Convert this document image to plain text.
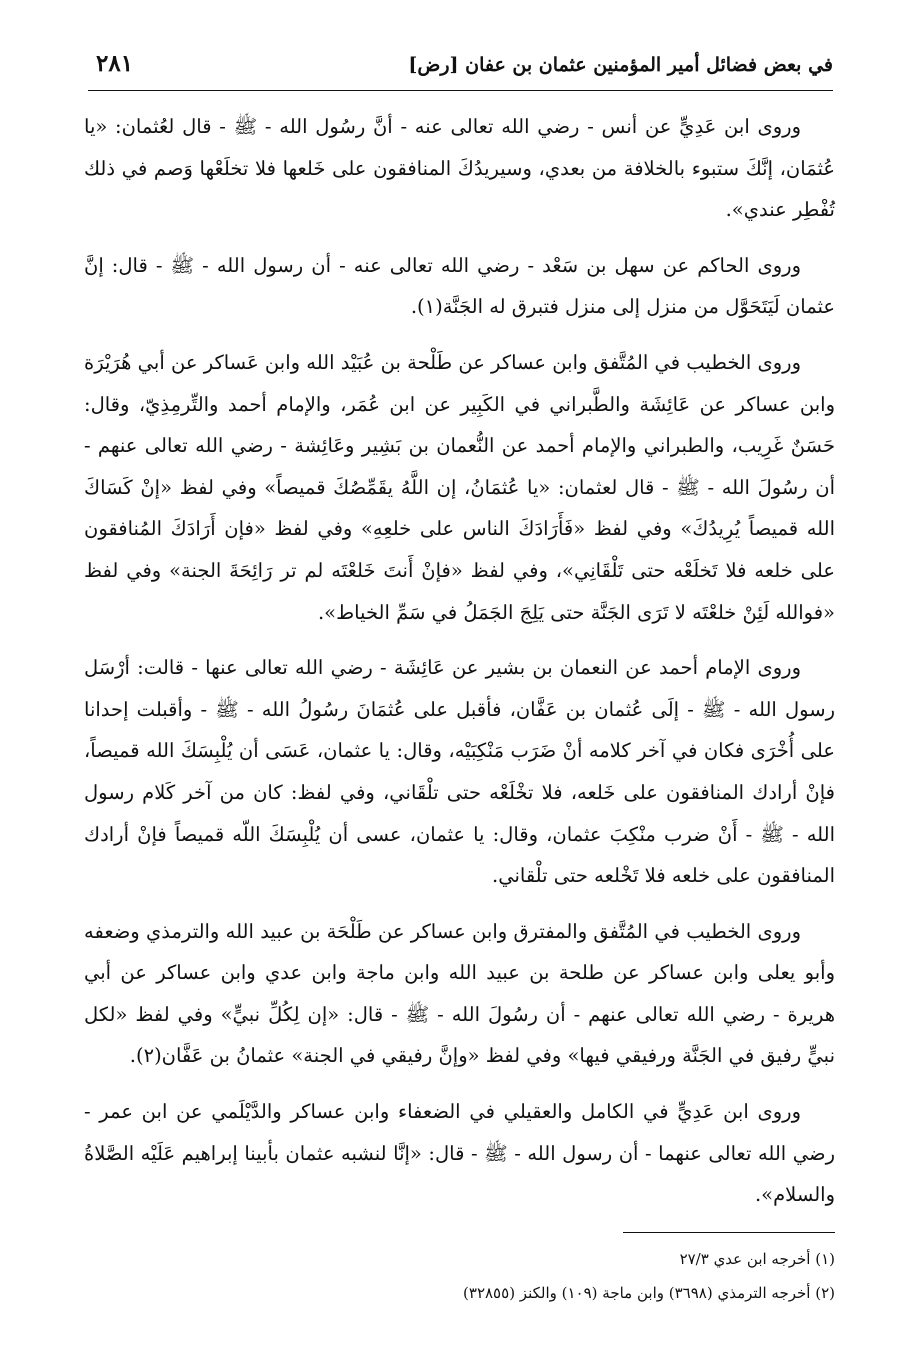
في بعض فضائل أمير المؤمنين عثمان بن عفان [رض]
٢٨١

وروى ابن عَدِيٍّ عن أنس - رضي الله تعالى عنه - أنَّ رسُول الله - ﷺ - قال لعُثمان: «يا عُثمَان، إنَّكَ ستبوء بالخلافة من بعدي، وسيريدُكَ المنافقون على خَلعها فلا تخلَعْها وَصم في ذلك تُفْطِر عندي».

وروى الحاكم عن سهل بن سَعْد - رضي الله تعالى عنه - أن رسول الله - ﷺ - قال: إنَّ عثمان لَيَتَحَوَّل من منزل إلى منزل فتبرق له الجَنَّة(١).

وروى الخطيب في المُتَّفق وابن عساكر عن طَلْحة بن عُبَيْد الله وابن عَساكر عن أبي هُرَيْرَة وابن عساكر عن عَائِشَة والطَّبراني في الكَبِير عن ابن عُمَر، والإمام أحمد والتِّرمِذِيّ، وقال: حَسَنٌ غَرِيب، والطبراني والإمام أحمد عن النُّعمان بن بَشِير وعَائِشة - رضي الله تعالى عنهم - أن رسُولَ الله - ﷺ - قال لعثمان: «يا عُثمَانُ، إن اللَّهُ يقَمِّصُكَ قميصاً» وفي لفظ «إنْ كَسَاكَ الله قميصاً يُرِيدُكَ» وفي لفظ «فَأَرَادَكَ الناس على خلعِهِ» وفي لفظ «فإن أَرَادَكَ المُنافقون على خلعه فلا تَخلَعْه حتى تَلْقَانِي»، وفي لفظ «فإنْ أَنتَ خَلعْتَه لم تر رَائِحَةَ الجنة» وفي لفظ «فوالله لَئِنْ خلعْتَه لا تَرَى الجَنَّة حتى يَلِجَ الجَمَلُ في سَمِّ الخياط».

وروى الإمام أحمد عن النعمان بن بشير عن عَائِشَة - رضي الله تعالى عنها - قالت: أرْسَل رسول الله - ﷺ - إلَى عُثمان بن عَفَّان، فأقبل على عُثمَانَ رسُولُ الله - ﷺ - وأقبلت إحدانا على أُخْرَى فكان في آخر كلامه أنْ ضَرَب مَنْكِبَيْه، وقال: يا عثمان، عَسَى أن يُلْبِسَكَ الله قميصاً، فإنْ أرادك المنافقون على خَلعه، فلا تخْلَعْه حتى تلْقَاني، وفي لفظ: كان من آخر كَلام رسول الله - ﷺ - أَنْ ضرب منْكِبَ عثمان، وقال: يا عثمان، عسى أن يُلْبِسَكَ اللّه قميصاً فإنْ أرادك المنافقون على خلعه فلا تَخْلعه حتى تلْقاني.

وروى الخطيب في المُتَّفق والمفترق وابن عساكر عن طَلْحَة بن عبيد الله والترمذي وضعفه وأبو يعلى وابن عساكر عن طلحة بن عبيد الله وابن ماجة وابن عدي وابن عساكر عن أبي هريرة - رضي الله تعالى عنهم - أن رسُولَ الله - ﷺ - قال: «إن لِكُلِّ نبيٍّ» وفي لفظ «لكل نبيٍّ رفيق في الجَنَّة ورفيقي فيها» وفي لفظ «وإنَّ رفيقي في الجنة» عثمانُ بن عَفَّان(٢).

وروى ابن عَدِيٍّ في الكامل والعقيلي في الضعفاء وابن عساكر والدَّيْلَمي عن ابن عمر - رضي الله تعالى عنهما - أن رسول الله - ﷺ - قال: «إنَّا لنشبه عثمان بأبينا إبراهيم عَلَيْه الصَّلاةُ والسلام».

(١) أخرجه ابن عدي ٢٧/٣

(٢) أخرجه الترمذي (٣٦٩٨) وابن ماجة (١٠٩) والكنز (٣٢٨٥٥)
